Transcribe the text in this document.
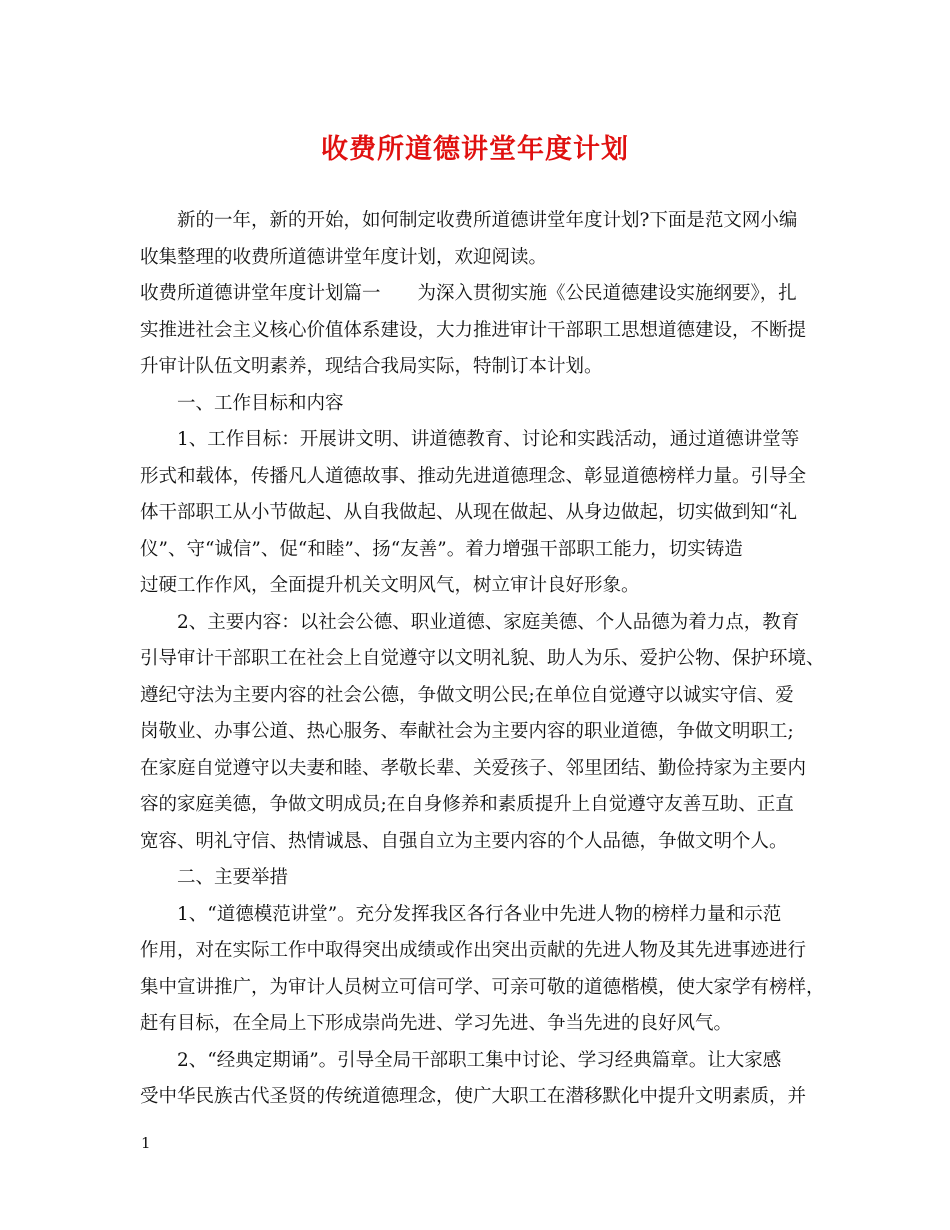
收费所道德讲堂年度计划
新的一年，新的开始，如何制定收费所道德讲堂年度计划?下面是范文网小编
收集整理的收费所道德讲堂年度计划，欢迎阅读。
收费所道德讲堂年度计划篇一　　为深入贯彻实施《公民道德建设实施纲要》，扎
实推进社会主义核心价值体系建设，大力推进审计干部职工思想道德建设，不断提
升审计队伍文明素养，现结合我局实际，特制订本计划。
一、工作目标和内容
1、工作目标：开展讲文明、讲道德教育、讨论和实践活动，通过道德讲堂等
形式和载体，传播凡人道德故事、推动先进道德理念、彰显道德榜样力量。引导全
体干部职工从小节做起、从自我做起、从现在做起、从身边做起，切实做到知“礼
仪”、守“诚信”、促“和睦”、扬“友善”。着力增强干部职工能力，切实铸造
过硬工作作风，全面提升机关文明风气，树立审计良好形象。
2、主要内容：以社会公德、职业道德、家庭美德、个人品德为着力点，教育
引导审计干部职工在社会上自觉遵守以文明礼貌、助人为乐、爱护公物、保护环境、
遵纪守法为主要内容的社会公德，争做文明公民;在单位自觉遵守以诚实守信、爱
岗敬业、办事公道、热心服务、奉献社会为主要内容的职业道德，争做文明职工;
在家庭自觉遵守以夫妻和睦、孝敬长辈、关爱孩子、邻里团结、勤俭持家为主要内
容的家庭美德，争做文明成员;在自身修养和素质提升上自觉遵守友善互助、正直
宽容、明礼守信、热情诚恳、自强自立为主要内容的个人品德，争做文明个人。
二、主要举措
1、“道德模范讲堂”。充分发挥我区各行各业中先进人物的榜样力量和示范
作用，对在实际工作中取得突出成绩或作出突出贡献的先进人物及其先进事迹进行
集中宣讲推广，为审计人员树立可信可学、可亲可敬的道德楷模，使大家学有榜样，
赶有目标，在全局上下形成崇尚先进、学习先进、争当先进的良好风气。
2、“经典定期诵”。引导全局干部职工集中讨论、学习经典篇章。让大家感
受中华民族古代圣贤的传统道德理念，使广大职工在潜移默化中提升文明素质，并
1
